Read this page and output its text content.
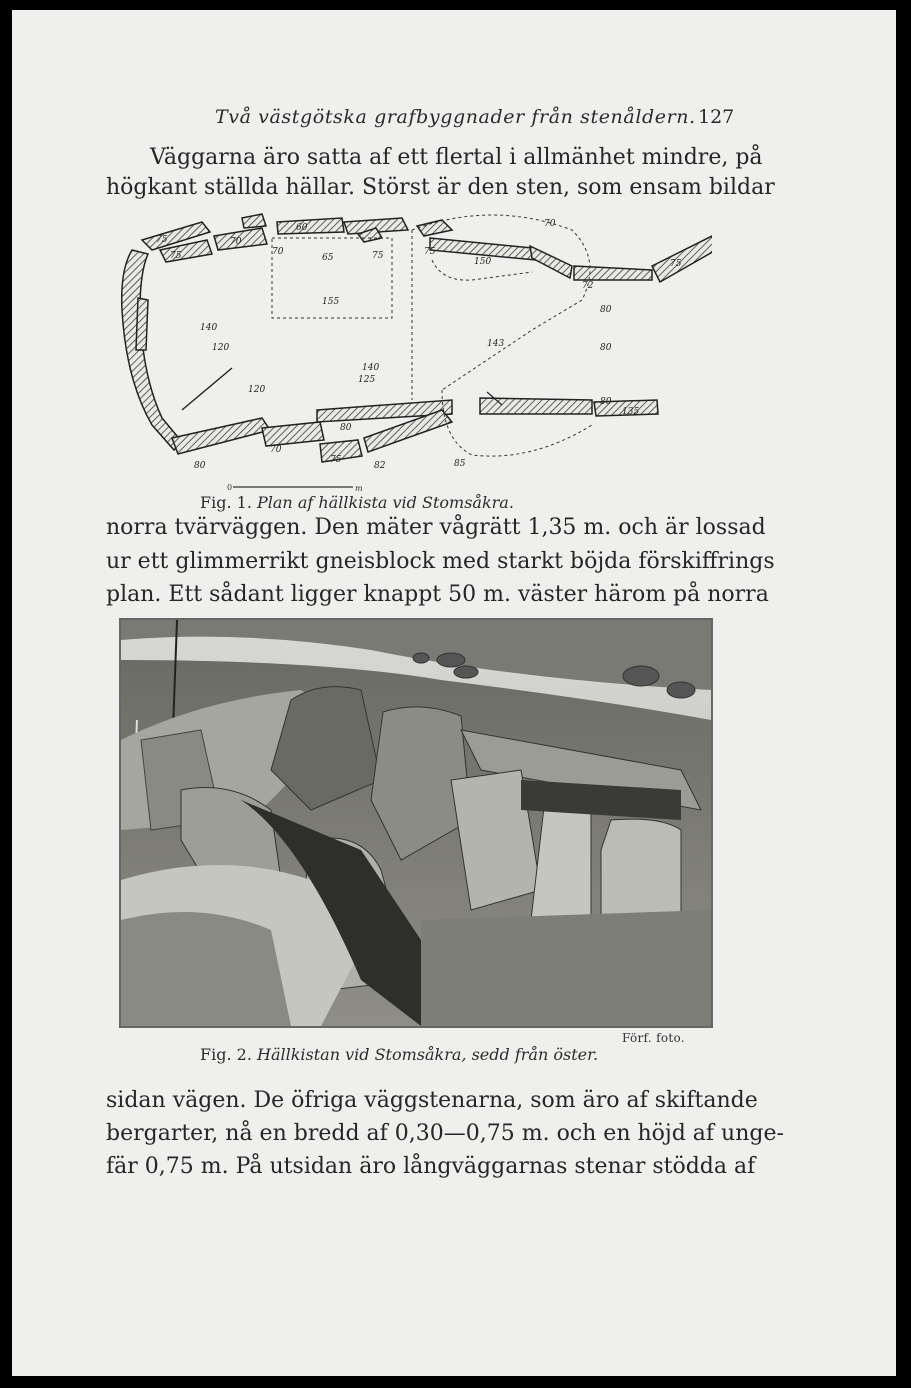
Två västgötska grafbyggnader från stenåldern. 127
Väggarna äro satta af ett flertal i allmänhet mindre, på
högkant ställda hällar. Störst är den sten, som ensam bildar
75
75
70
70
60
65	75	75
150
70
72
80
155
140
120	143
140
125
120
80
80
80
70
75
82	85
80
135
75
0	m
Fig. 1. Plan af hällkista vid Stomsåkra.
norra tvärväggen. Den mäter vågrätt 1,35 m. och är lossad
ur ett glimmerrikt gneisblock med starkt böjda förskiffrings
plan. Ett sådant ligger knappt 50 m. väster härom på norra
Förf. foto.
Fig. 2. Hällkistan vid Stomsåkra, sedd från öster.
sidan vägen. De öfriga väggstenarna, som äro af skiftande
bergarter, nå en bredd af 0,30—0,75 m. och en höjd af unge-
fär 0,75 m. På utsidan äro långväggarnas stenar stödda af
